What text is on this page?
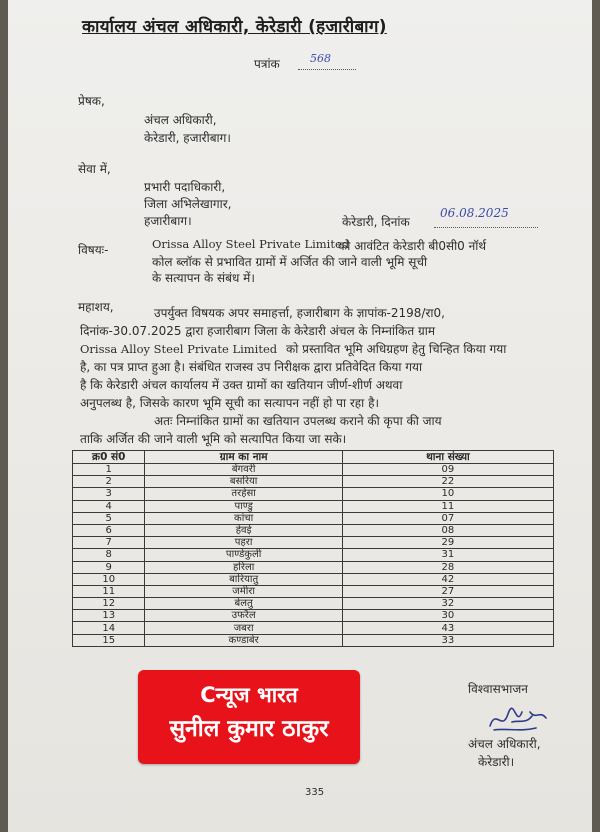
कार्यालय अंचल अधिकारी, केरेडारी (हजारीबाग)
पत्रांक	568
प्रेषक,
अंचल अधिकारी,
केरेडारी, हजारीबाग।
सेवा में,
प्रभारी पदाधिकारी,
जिला अभिलेखागार,
हजारीबाग।	केरेडारी, दिनांक
06.08.2025
विषयः-	Orissa Alloy Steel Private Limited
को आवंटित केरेडारी बी0सी0 नॉर्थ
कोल ब्लॉक से प्रभावित ग्रामों में अर्जित की जाने वाली भूमि सूची
के सत्यापन के संबंध में।
महाशय,	उपर्युक्त विषयक अपर समाहर्त्ता, हजारीबाग के ज्ञापांक-2198/रा0,
दिनांक-30.07.2025 द्वारा हजारीबाग जिला के केरेडारी अंचल के निम्नांकित ग्राम
Orissa Alloy Steel Private Limited को प्रस्तावित भूमि अधिग्रहण हेतु चिन्हित किया गया
है, का पत्र प्राप्त हुआ है। संबंधित राजस्व उप निरीक्षक द्वारा प्रतिवेदित किया गया
है कि केरेडारी अंचल कार्यालय में उक्त ग्रामों का खतियान जीर्ण-शीर्ण अथवा
अनुपलब्ध है, जिसके कारण भूमि सूची का सत्यापन नहीं हो पा रहा है।
अतः निम्नांकित ग्रामों का खतियान उपलब्ध कराने की कृपा की जाय
ताकि अर्जित की जाने वाली भूमि को सत्यापित किया जा सके।
क्र0 सं0	ग्राम का नाम	थाना संख्या
1	बेंगवरी	09
2	बसरिया	22
3	तरहेसा	10
4	पाण्डु	11
5	कांचा	07
6	हेवई	08
7	पहरा	29
8	पाण्डेकुली	31
9	हरिला	28
10	बारियातु	42
11	जमीरा	27
12	बेलतु	32
13	उफरैल	30
14	जबरा	43
15	कण्डाबेर	33
विश्वासभाजन
अंचल अधिकारी,
केरेडारी।
335
Cन्यूज भारत
सुनील कुमार ठाकुर
